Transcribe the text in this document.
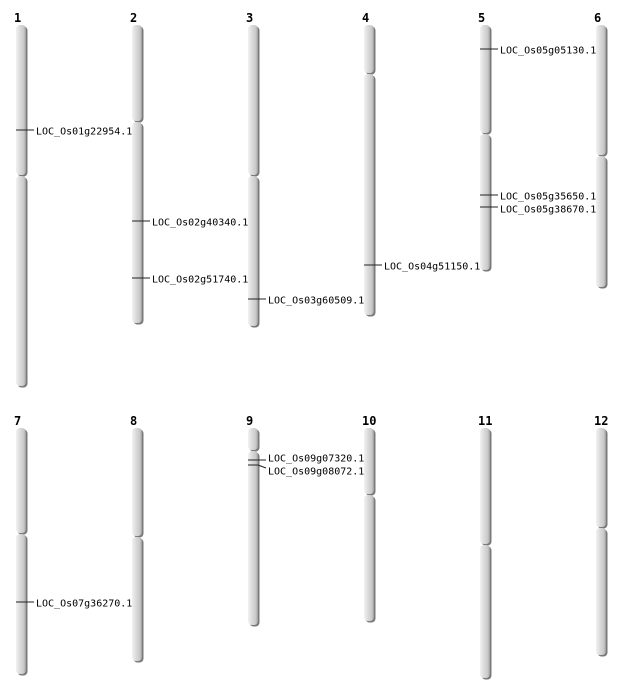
1	2	3	4	5	6
7	8	9	10	11	12
LOC_Os01g22954.1
LOC_Os02g40340.1
LOC_Os02g51740.1
LOC_Os03g60509.1
LOC_Os04g51150.1
LOC_Os05g05130.1
LOC_Os05g35650.1
LOC_Os05g38670.1
LOC_Os07g36270.1
LOC_Os09g07320.1
LOC_Os09g08072.1
